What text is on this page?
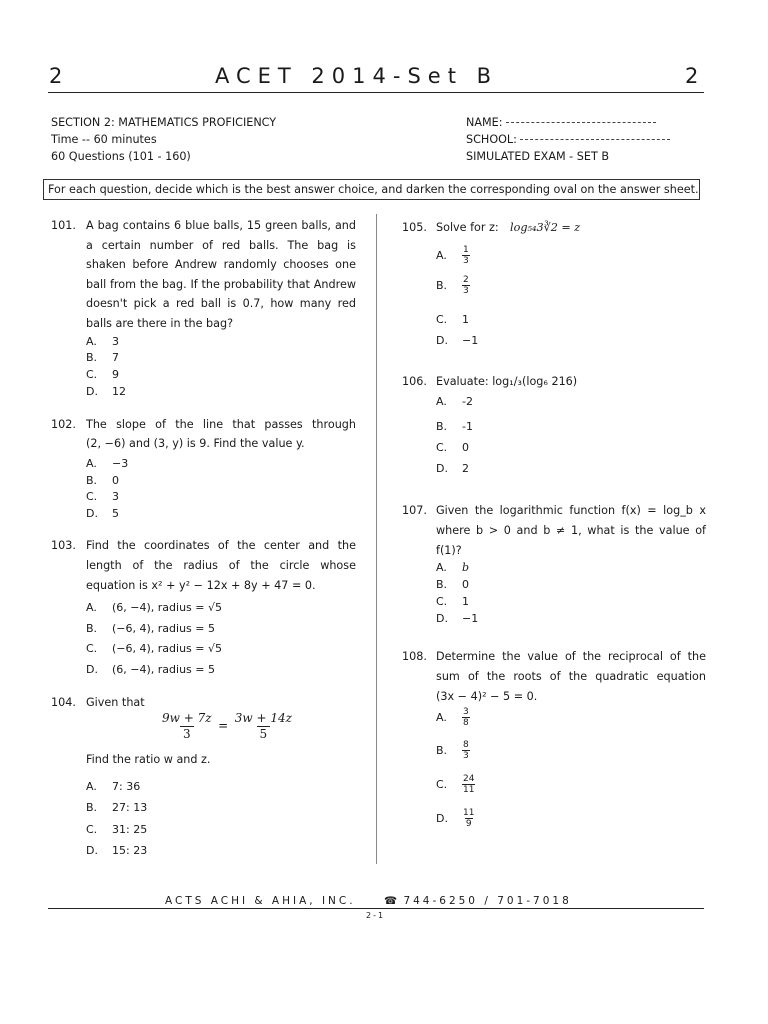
2	ACET 2014-Set B	2
SECTION 2: MATHEMATICS PROFICIENCY
Time -- 60 minutes
60 Questions (101 - 160)
NAME:
SCHOOL:
SIMULATED EXAM - SET B
For each question, decide which is the best answer choice, and darken the corresponding oval on the answer sheet.
101. A bag contains 6 blue balls, 15 green balls, and a certain number of red balls. The bag is shaken before Andrew randomly chooses one ball from the bag. If the probability that Andrew doesn't pick a red ball is 0.7, how many red balls are there in the bag?
A. 3
B. 7
C. 9
D. 12
102. The slope of the line that passes through
(2, −6) and (3, y) is 9. Find the value y.
A. −3
B. 0
C. 3
D. 5
103. Find the coordinates of the center and the length of the radius of the circle whose
equation is x² + y² − 12x + 8y + 47 = 0.
A. (6, −4), radius = √5
B. (−6, 4), radius = 5
C. (−6, 4), radius = √5
D. (6, −4), radius = 5
104. Given that
$\frac{9w + 7z}{3} = \frac{3w + 14z}{5}$
Find the ratio w and z.
A. 7: 36
B. 27: 13
C. 31: 25
D. 15: 23
105. Solve for z: log₅₄3∛2 = z
A. $\frac{1}{3}$
B. $\frac{2}{3}$
C. 1
D. −1
106. Evaluate: log₁/₃(log₆ 216)
A. -2
B. -1
C. 0
D. 2
107. Given the logarithmic function f(x) = log_b x
where b > 0 and b ≠ 1, what is the value of
f(1)?
A. b
B. 0
C. 1
D. −1
108. Determine the value of the reciprocal of the sum of the roots of the quadratic equation
(3x − 4)² − 5 = 0.
A. $\frac{3}{8}$
B. $\frac{8}{3}$
C. $\frac{24}{11}$
D. $\frac{11}{9}$
ACTS ACHI & AHIA, INC.	☎ 744-6250 / 701-7018
2-1
